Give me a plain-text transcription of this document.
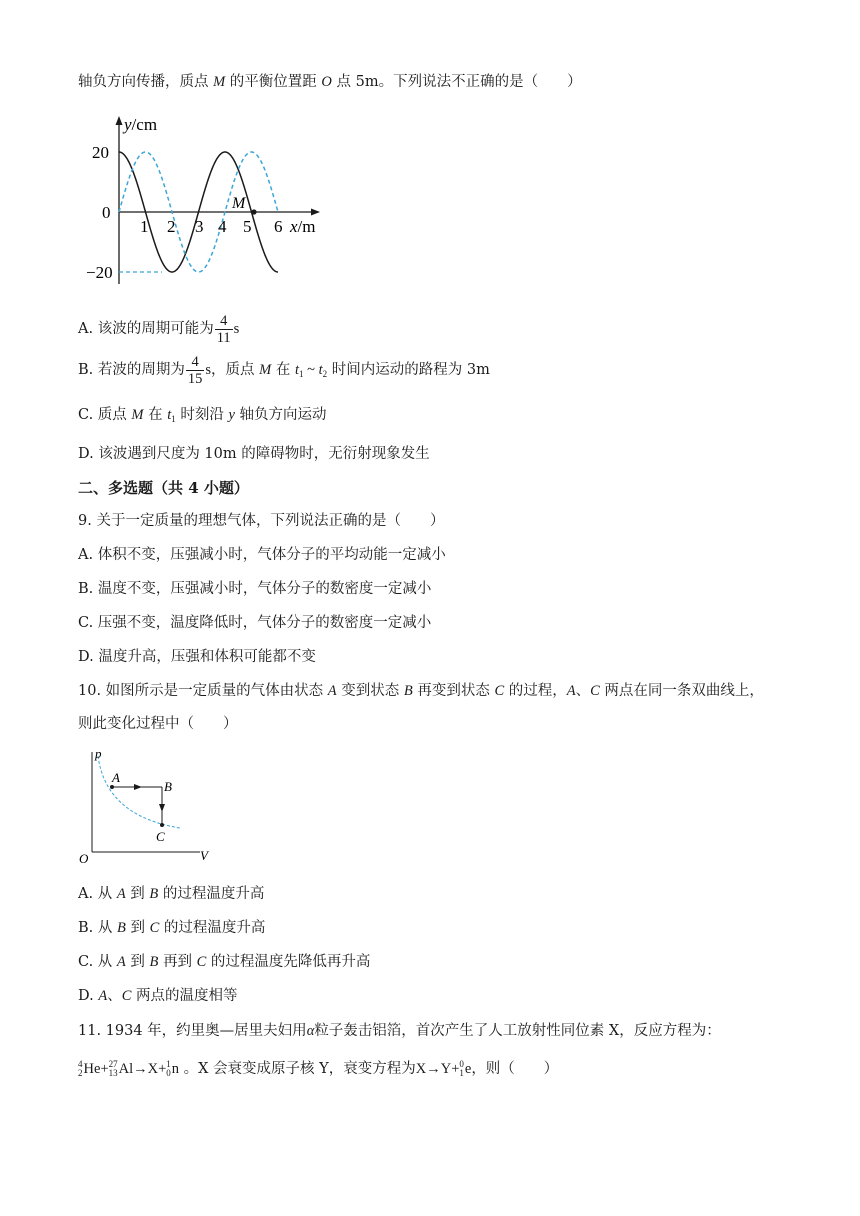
轴负方向传播，质点 M 的平衡位置距 O 点 5m。下列说法不正确的是（　　）
M
y/cm
x/m
20
0
−20
1 2 3 4 5 6
A. 该波的周期可能为 $\frac{4}{11}$ s
B. 若波的周期为 $\frac{4}{15}$ s，质点 M 在 $t_1$ ~ $t_2$ 时间内运动的路程为 3m
C. 质点 M 在 $t_1$ 时刻沿 y 轴负方向运动
D. 该波遇到尺度为 10m 的障碍物时，无衍射现象发生
二、多选题（共 4 小题）
9. 关于一定质量的理想气体，下列说法正确的是（　　）
A. 体积不变，压强减小时，气体分子的平均动能一定减小
B. 温度不变，压强减小时，气体分子的数密度一定减小
C. 压强不变，温度降低时，气体分子的数密度一定减小
D. 温度升高，压强和体积可能都不变
10. 如图所示是一定质量的气体由状态 A 变到状态 B 再变到状态 C 的过程，A、C 两点在同一条双曲线上，
则此变化过程中（　　）
p
V
O
A
B
C
A. 从 A 到 B 的过程温度升高
B. 从 B 到 C 的过程温度升高
C. 从 A 到 B 再到 C 的过程温度先降低再升高
D. A、C 两点的温度相等
11. 1934 年，约里奥—居里夫妇用α粒子轰击铝箔，首次产生了人工放射性同位素 X，反应方程为：
4
2 He+ 27
13 Al→X+ 1
0 n 。X 会衰变成原子核 Y，衰变方程为X→Y+ 0
1 e，则（　　）
